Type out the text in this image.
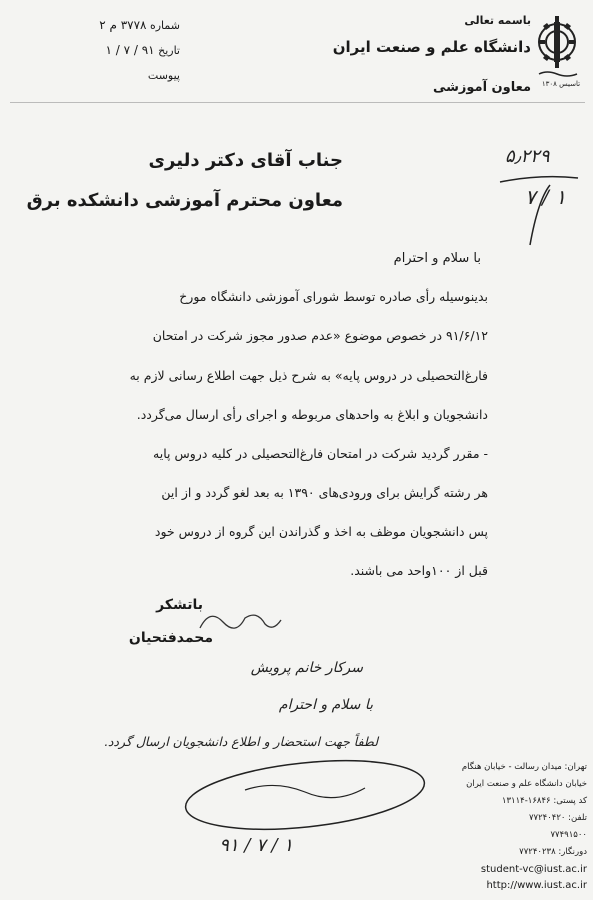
تاسیس ۱۳۰۸
باسمه تعالی
دانشگاه علم و صنعت ایران
معاون آموزشی
شماره ۳۷۷۸ م ۲
تاریخ ۹۱ / ۷ / ۱
پیوست
۵٫۲۲۹
۱ / ۷
جناب آقای دکتر دلیری
معاون محترم آموزشی دانشکده برق
با سلام و احترام
بدینوسیله رأی صادره توسط شورای آموزشی دانشگاه مورخ
۹۱/۶/۱۲ در خصوص موضوع «عدم صدور مجوز شرکت در امتحان
فارغ‌التحصیلی در دروس پایه» به شرح ذیل جهت اطلاع رسانی لازم به
دانشجویان و ابلاغ به واحدهای مربوطه و اجرای رأی ارسال می‌گردد.
- مقرر گردید شرکت در امتحان فارغ‌التحصیلی در کلیه دروس پایه
هر رشته گرایش برای ورودی‌های ۱۳۹۰ به بعد لغو گردد و از این
پس دانشجویان موظف به اخذ و گذراندن این گروه از دروس خود
قبل از ۱۰۰واحد می باشند.
باتشکر
محمدفتحیان
سرکار خانم پرویش
با سلام و احترام
لطفاً جهت استحضار و اطلاع دانشجویان ارسال گردد.
۱ / ۷ / ۹۱
تهران: میدان رسالت - خیابان هنگام
خیابان دانشگاه علم و صنعت ایران
کد پستی: ۱۶۸۴۶-۱۳۱۱۴
تلفن: ۷۷۲۴۰۴۲۰
۷۷۴۹۱۵۰۰
دورنگار: ۷۷۲۴۰۲۳۸
student-vc@iust.ac.ir
http://www.iust.ac.ir
